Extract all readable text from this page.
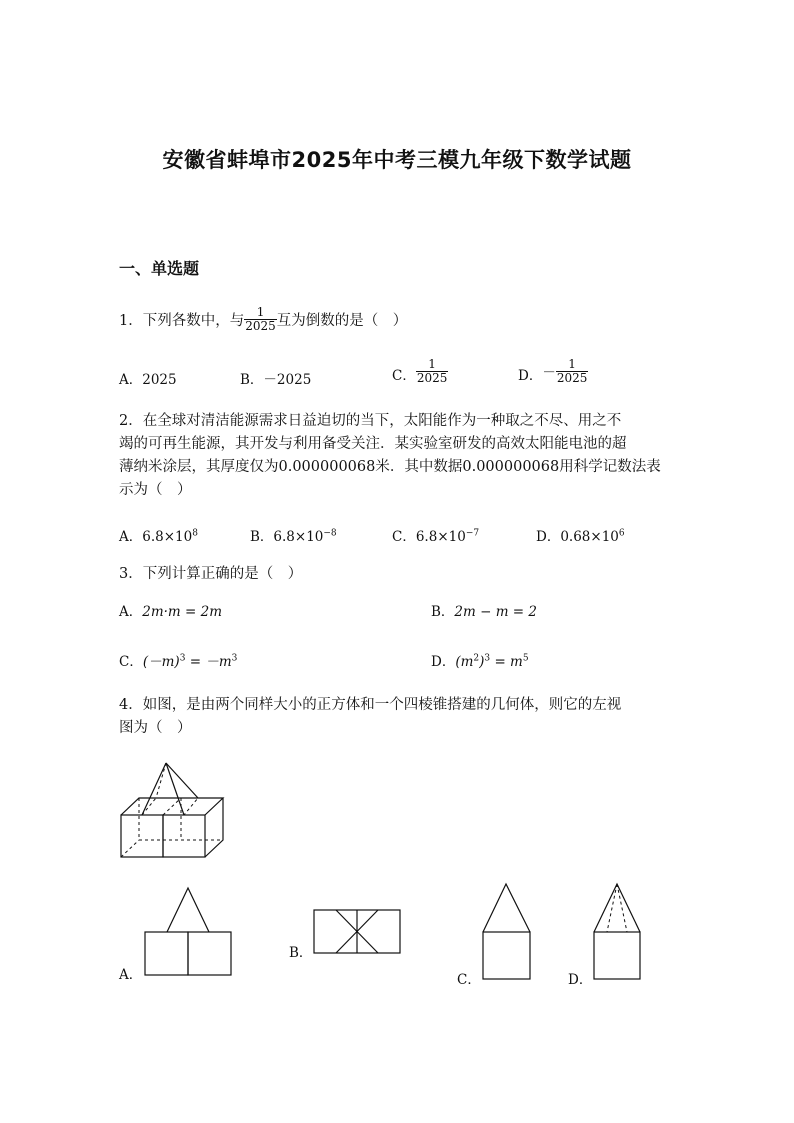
安徽省蚌埠市2025年中考三模九年级下数学试题
一、单选题
1．下列各数中，与 $\frac{1}{2025}$ 互为倒数的是（　）
A．2025	B．－2025	C． $\frac{1}{2025}$	D．－ $\frac{1}{2025}$
2．在全球对清洁能源需求日益迫切的当下，太阳能作为一种取之不尽、用之不
竭的可再生能源，其开发与利用备受关注．某实验室研发的高效太阳能电池的超
薄纳米涂层，其厚度仅为0.000000068米．其中数据0.000000068用科学记数法表
示为（　）
A．$6.8\times 10^8$	B．$6.8\times 10^{-8}$	C．$6.8\times 10^{-7}$	D．$0.68\times 10^6$
3．下列计算正确的是（　）
A．2m·m = 2m	B．2m − m = 2
C．$(-m)^3 = -m^3$	D．$(m^2)^3 = m^5$
4．如图，是由两个同样大小的正方体和一个四棱锥搭建的几何体，则它的左视
图为（　）
A．
B．
C．	D．
